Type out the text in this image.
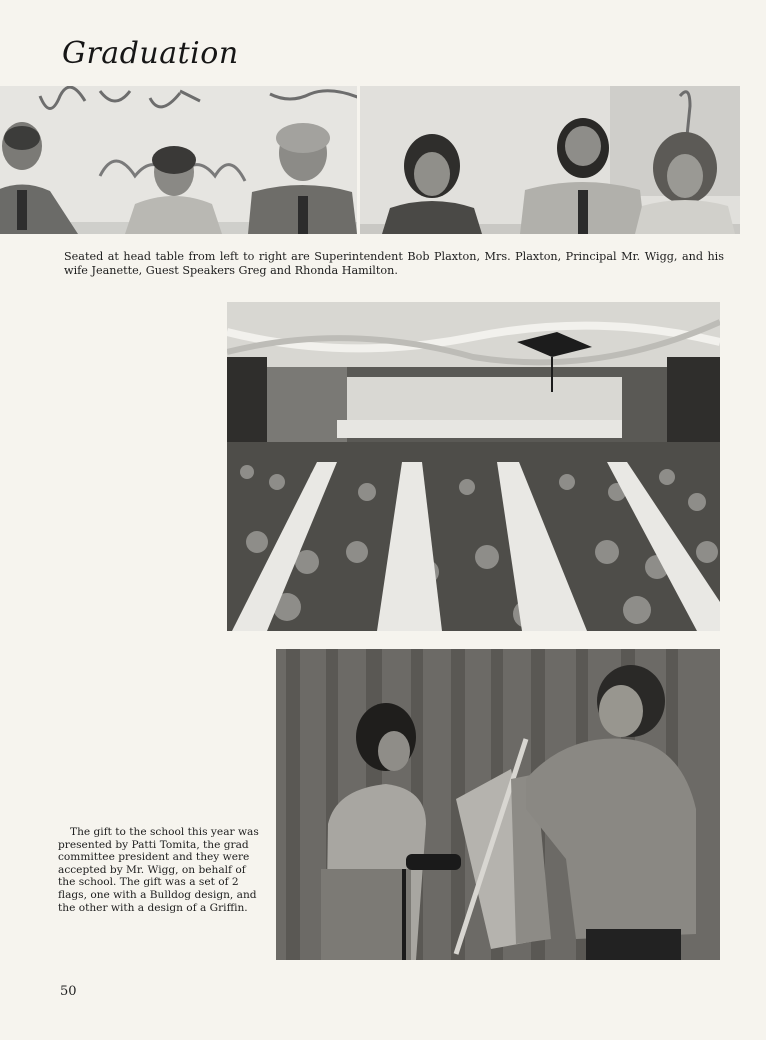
Graduation
Seated at head table from left to right are Superintendent Bob Plaxton, Mrs. Plaxton, Principal Mr. Wigg, and his wife Jeanette, Guest Speakers Greg and Rhonda Hamilton.
The gift to the school this year was presented by Patti Tomita, the grad committee president and they were accepted by Mr. Wigg, on behalf of the school. The gift was a set of 2 flags, one with a Bulldog design, and the other with a design of a Griffin.
50
